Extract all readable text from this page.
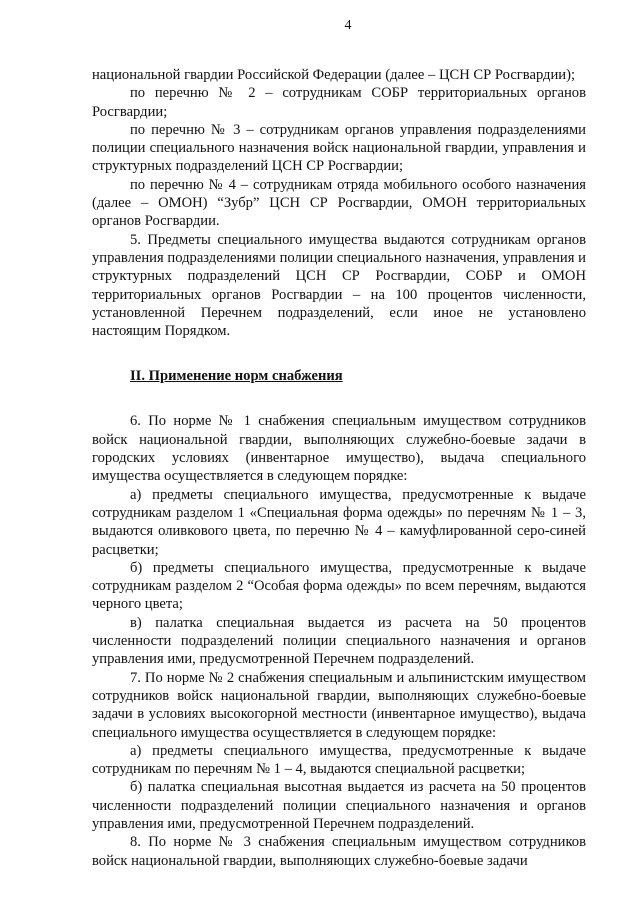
4

национальной гвардии Российской Федерации (далее – ЦСН СР Росгвардии);

по перечню № 2 – сотрудникам СОБР территориальных органов Росгвардии;

по перечню № 3 – сотрудникам органов управления подразделениями полиции специального назначения войск национальной гвардии, управления и структурных подразделений ЦСН СР Росгвардии;

по перечню № 4 – сотрудникам отряда мобильного особого назначения (далее – ОМОН) “Зубр” ЦСН СР Росгвардии, ОМОН территориальных органов Росгвардии.

5. Предметы специального имущества выдаются сотрудникам органов управления подразделениями полиции специального назначения, управления и структурных подразделений ЦСН СР Росгвардии, СОБР и ОМОН территориальных органов Росгвардии – на 100 процентов численности, установленной Перечнем подразделений, если иное не установлено настоящим Порядком.

II. Применение норм снабжения

6. По норме № 1 снабжения специальным имуществом сотрудников войск национальной гвардии, выполняющих служебно-боевые задачи в городских условиях (инвентарное имущество), выдача специального имущества осуществляется в следующем порядке:

а) предметы специального имущества, предусмотренные к выдаче сотрудникам разделом 1 «Специальная форма одежды» по перечням № 1 – 3, выдаются оливкового цвета, по перечню № 4 – камуфлированной серо-синей расцветки;

б) предметы специального имущества, предусмотренные к выдаче сотрудникам разделом 2 “Особая форма одежды» по всем перечням, выдаются черного цвета;

в) палатка специальная выдается из расчета на 50 процентов численности подразделений полиции специального назначения и органов управления ими, предусмотренной Перечнем подразделений.

7. По норме № 2 снабжения специальным и альпинистским имуществом сотрудников войск национальной гвардии, выполняющих служебно-боевые задачи в условиях высокогорной местности (инвентарное имущество), выдача специального имущества осуществляется в следующем порядке:

а) предметы специального имущества, предусмотренные к выдаче сотрудникам по перечням № 1 – 4, выдаются специальной расцветки;

б) палатка специальная высотная выдается из расчета на 50 процентов численности подразделений полиции специального назначения и органов управления ими, предусмотренной Перечнем подразделений.

8. По норме № 3 снабжения специальным имуществом сотрудников войск национальной гвардии, выполняющих служебно-боевые задачи
